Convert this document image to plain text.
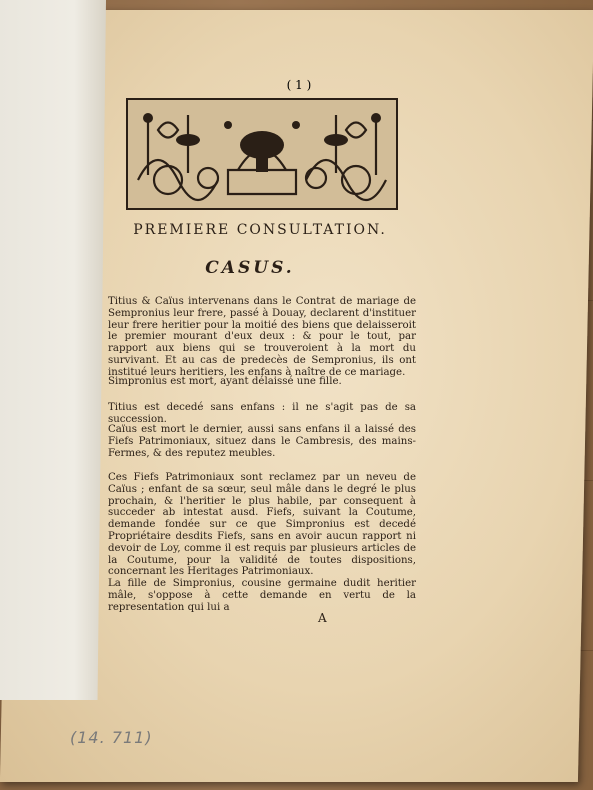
( 1 )
PREMIERE CONSULTATION.
CASUS.
Titius & Caïus intervenans dans le Contrat de mariage de Sempronius leur frere, passé à Douay, declarent d'instituer leur frere heritier pour la moitié des biens que delaisseroit le premier mourant d'eux deux : & pour le tout, par rapport aux biens qui se trouveroient à la mort du survivant. Et au cas de predecès de Sempronius, ils ont institué leurs heritiers, les enfans à naître de ce mariage.
Simpronius est mort, ayant délaissé une fille.
Titius est decedé sans enfans : il ne s'agit pas de sa succession.
Caïus est mort le dernier, aussi sans enfans il a laissé des Fiefs Patrimoniaux, situez dans le Cambresis, des mains-Fermes, & des reputez meubles.
Ces Fiefs Patrimoniaux sont reclamez par un neveu de Caïus ; enfant de sa sœur, seul mâle dans le degré le plus prochain, & l'heritier le plus habile, par consequent à succeder ab intestat ausd. Fiefs, suivant la Coutume, demande fondée sur ce que Simpronius est decedé Propriétaire desdits Fiefs, sans en avoir aucun rapport ni devoir de Loy, comme il est requis par plusieurs articles de la Coutume, pour la validité de toutes dispositions, concernant les Heritages Patrimoniaux.
La fille de Simpronius, cousine germaine dudit heritier mâle, s'oppose à cette demande en vertu de la representation qui lui a
A
(14. 711)
